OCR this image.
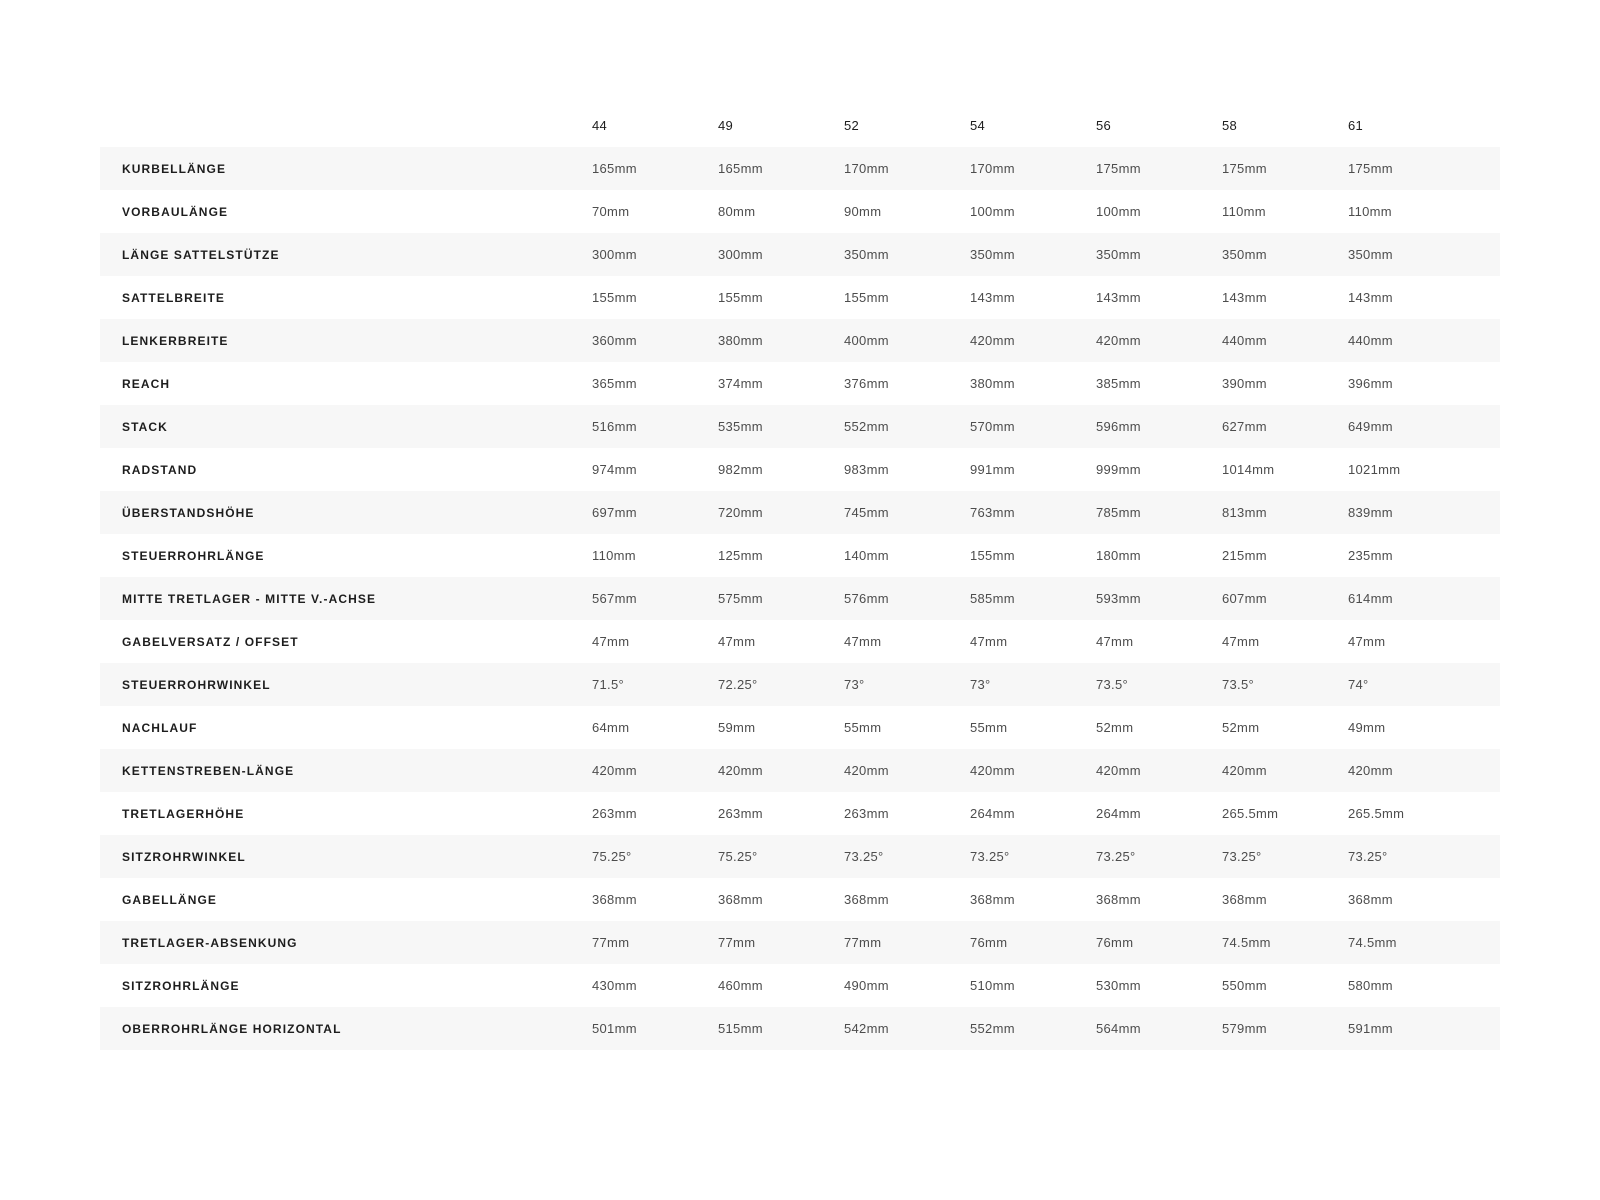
	44	49	52	54	56	58	61
KURBELLÄNGE	165mm	165mm	170mm	170mm	175mm	175mm	175mm
VORBAULÄNGE	70mm	80mm	90mm	100mm	100mm	110mm	110mm
LÄNGE SATTELSTÜTZE	300mm	300mm	350mm	350mm	350mm	350mm	350mm
SATTELBREITE	155mm	155mm	155mm	143mm	143mm	143mm	143mm
LENKERBREITE	360mm	380mm	400mm	420mm	420mm	440mm	440mm
REACH	365mm	374mm	376mm	380mm	385mm	390mm	396mm
STACK	516mm	535mm	552mm	570mm	596mm	627mm	649mm
RADSTAND	974mm	982mm	983mm	991mm	999mm	1014mm	1021mm
ÜBERSTANDSHÖHE	697mm	720mm	745mm	763mm	785mm	813mm	839mm
STEUERROHRLÄNGE	110mm	125mm	140mm	155mm	180mm	215mm	235mm
MITTE TRETLAGER - MITTE V.-ACHSE	567mm	575mm	576mm	585mm	593mm	607mm	614mm
GABELVERSATZ / OFFSET	47mm	47mm	47mm	47mm	47mm	47mm	47mm
STEUERROHRWINKEL	71.5°	72.25°	73°	73°	73.5°	73.5°	74°
NACHLAUF	64mm	59mm	55mm	55mm	52mm	52mm	49mm
KETTENSTREBEN-LÄNGE	420mm	420mm	420mm	420mm	420mm	420mm	420mm
TRETLAGERHÖHE	263mm	263mm	263mm	264mm	264mm	265.5mm	265.5mm
SITZROHRWINKEL	75.25°	75.25°	73.25°	73.25°	73.25°	73.25°	73.25°
GABELLÄNGE	368mm	368mm	368mm	368mm	368mm	368mm	368mm
TRETLAGER-ABSENKUNG	77mm	77mm	77mm	76mm	76mm	74.5mm	74.5mm
SITZROHRLÄNGE	430mm	460mm	490mm	510mm	530mm	550mm	580mm
OBERROHRLÄNGE HORIZONTAL	501mm	515mm	542mm	552mm	564mm	579mm	591mm
